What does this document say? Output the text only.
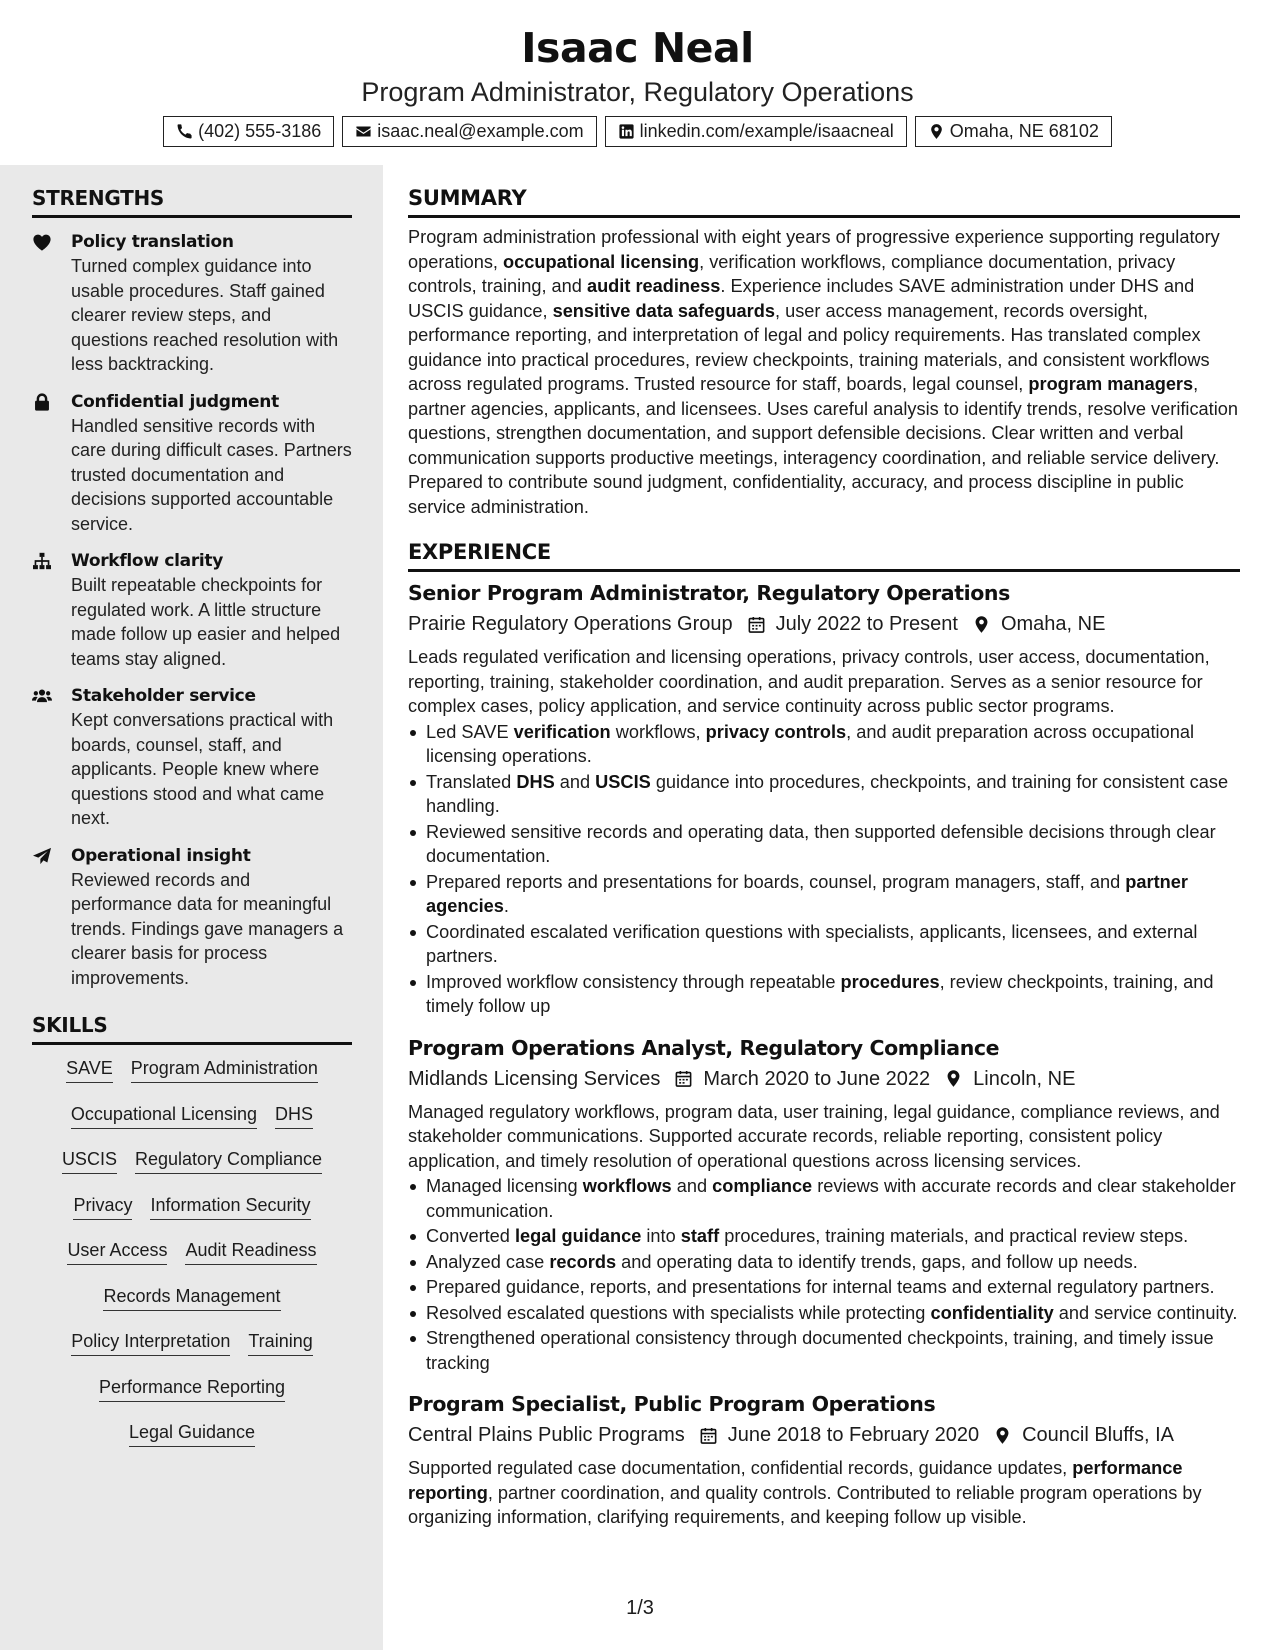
Isaac Neal
Program Administrator, Regulatory Operations
(402) 555-3186	isaac.neal@example.com	linkedin.com/example/isaacneal	Omaha, NE 68102
STRENGTHS
Policy translation
Turned complex guidance into usable procedures. Staff gained clearer review steps, and questions reached resolution with less backtracking.
Confidential judgment
Handled sensitive records with care during difficult cases. Partners trusted documentation and decisions supported accountable service.
Workflow clarity
Built repeatable checkpoints for regulated work. A little structure made follow up easier and helped teams stay aligned.
Stakeholder service
Kept conversations practical with boards, counsel, staff, and applicants. People knew where questions stood and what came next.
Operational insight
Reviewed records and performance data for meaningful trends. Findings gave managers a clearer basis for process improvements.
SKILLS
SAVE Program Administration
Occupational Licensing DHS
USCIS Regulatory Compliance
Privacy Information Security
User Access Audit Readiness
Records Management
Policy Interpretation Training
Performance Reporting
Legal Guidance
SUMMARY
Program administration professional with eight years of progressive experience supporting regulatory operations, occupational licensing, verification workflows, compliance documentation, privacy controls, training, and audit readiness. Experience includes SAVE administration under DHS and USCIS guidance, sensitive data safeguards, user access management, records oversight, performance reporting, and interpretation of legal and policy requirements. Has translated complex guidance into practical procedures, review checkpoints, training materials, and consistent workflows across regulated programs. Trusted resource for staff, boards, legal counsel, program managers, partner agencies, applicants, and licensees. Uses careful analysis to identify trends, resolve verification questions, strengthen documentation, and support defensible decisions. Clear written and verbal communication supports productive meetings, interagency coordination, and reliable service delivery. Prepared to contribute sound judgment, confidentiality, accuracy, and process discipline in public service administration.
EXPERIENCE
Senior Program Administrator, Regulatory Operations
Prairie Regulatory Operations Group July 2022 to Present Omaha, NE
Leads regulated verification and licensing operations, privacy controls, user access, documentation, reporting, training, stakeholder coordination, and audit preparation. Serves as a senior resource for complex cases, policy application, and service continuity across public sector programs.
Led SAVE verification workflows, privacy controls, and audit preparation across occupational licensing operations.
Translated DHS and USCIS guidance into procedures, checkpoints, and training for consistent case handling.
Reviewed sensitive records and operating data, then supported defensible decisions through clear documentation.
Prepared reports and presentations for boards, counsel, program managers, staff, and partner agencies.
Coordinated escalated verification questions with specialists, applicants, licensees, and external partners.
Improved workflow consistency through repeatable procedures, review checkpoints, training, and timely follow up
Program Operations Analyst, Regulatory Compliance
Midlands Licensing Services March 2020 to June 2022 Lincoln, NE
Managed regulatory workflows, program data, user training, legal guidance, compliance reviews, and stakeholder communications. Supported accurate records, reliable reporting, consistent policy application, and timely resolution of operational questions across licensing services.
Managed licensing workflows and compliance reviews with accurate records and clear stakeholder communication.
Converted legal guidance into staff procedures, training materials, and practical review steps.
Analyzed case records and operating data to identify trends, gaps, and follow up needs.
Prepared guidance, reports, and presentations for internal teams and external regulatory partners.
Resolved escalated questions with specialists while protecting confidentiality and service continuity.
Strengthened operational consistency through documented checkpoints, training, and timely issue tracking
Program Specialist, Public Program Operations
Central Plains Public Programs June 2018 to February 2020 Council Bluffs, IA
Supported regulated case documentation, confidential records, guidance updates, performance reporting, partner coordination, and quality controls. Contributed to reliable program operations by organizing information, clarifying requirements, and keeping follow up visible.
1/3
